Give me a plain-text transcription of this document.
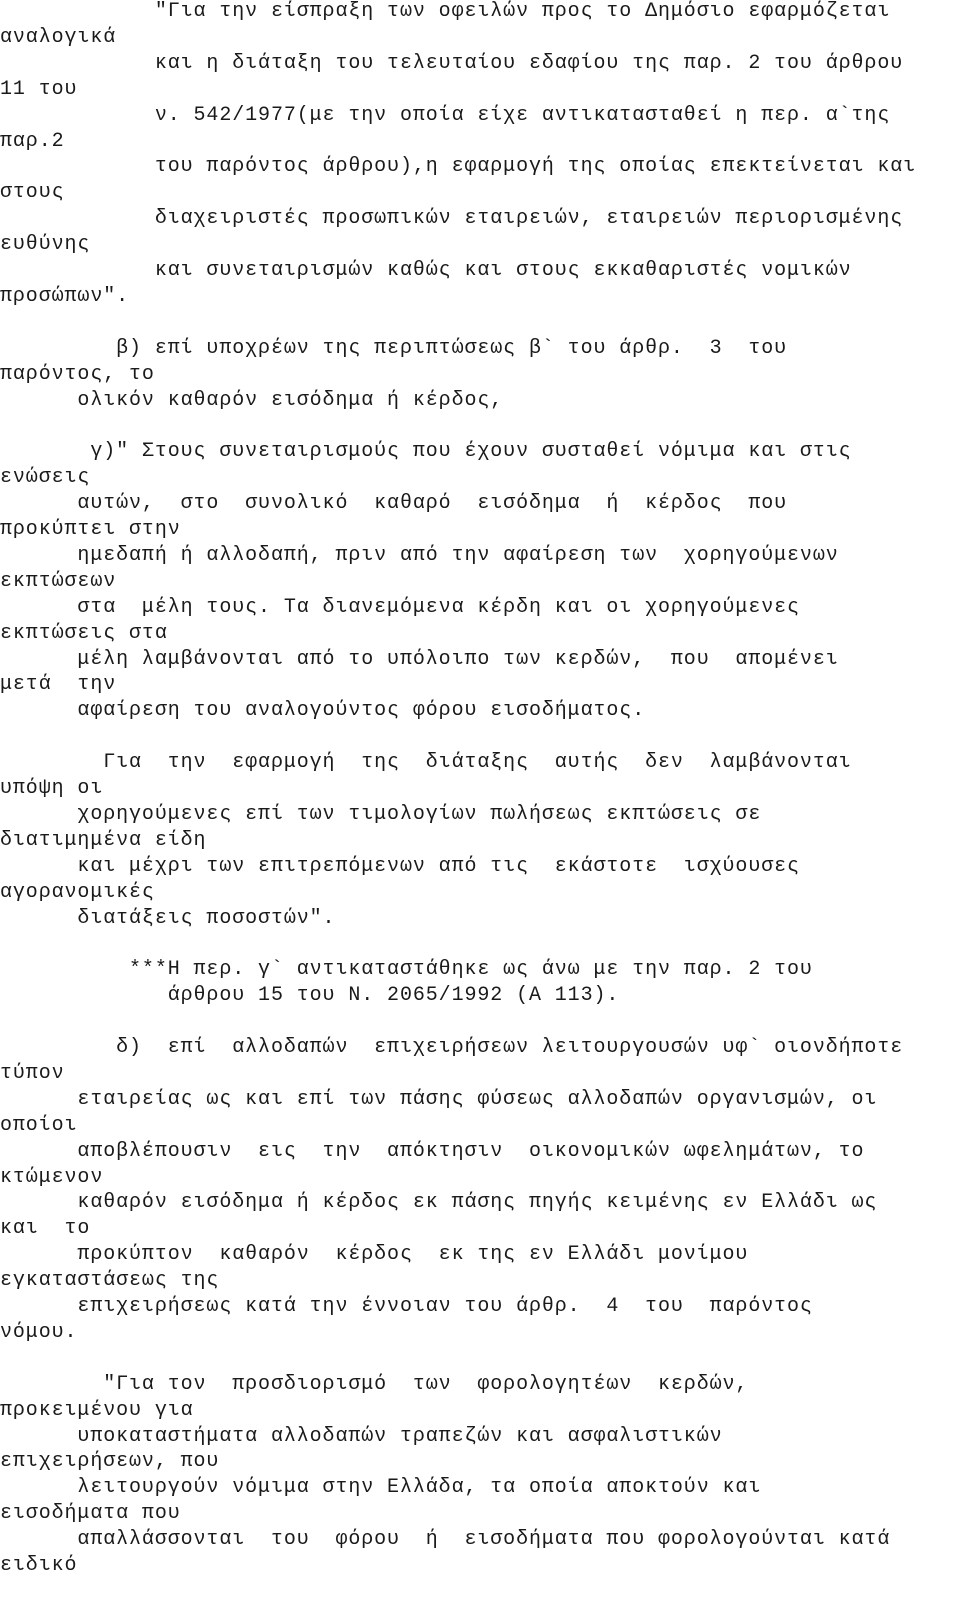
"Για την είσπραξη των οφειλών προς το Δημόσιο εφαρμόζεται
αναλογικά
και η διάταξη του τελευταίου εδαφίου της παρ. 2 του άρθρου
11 του
ν. 542/1977(με την οποία είχε αντικατασταθεί η περ. α`της
παρ.2
του παρόντος άρθρου),η εφαρμογή της οποίας επεκτείνεται και
στους
διαχειριστές προσωπικών εταιρειών, εταιρειών περιορισμένης
ευθύνης
και συνεταιρισμών καθώς και στους εκκαθαριστές νομικών
προσώπων".
β) επί υποχρέων της περιπτώσεως β` του άρθρ.  3  του
παρόντος, το
ολικόν καθαρόν εισόδημα ή κέρδος,
γ)" Στους συνεταιρισμούς που έχουν συσταθεί νόμιμα και στις
ενώσεις
αυτών,  στο  συνολικό  καθαρό  εισόδημα  ή  κέρδος  που
προκύπτει στην
ημεδαπή ή αλλοδαπή, πριν από την αφαίρεση των  χορηγούμενων
εκπτώσεων
στα  μέλη τους. Τα διανεμόμενα κέρδη και οι χορηγούμενες
εκπτώσεις στα
μέλη λαμβάνονται από το υπόλοιπο των κερδών,  που  απομένει
μετά  την
αφαίρεση του αναλογούντος φόρου εισοδήματος.
Για  την  εφαρμογή  της  διάταξης  αυτής  δεν  λαμβάνονται
υπόψη οι
χορηγούμενες επί των τιμολογίων πωλήσεως εκπτώσεις σε
διατιμημένα είδη
και μέχρι των επιτρεπόμενων από τις  εκάστοτε  ισχύουσες
αγορανομικές
διατάξεις ποσοστών".
***Η περ. γ` αντικαταστάθηκε ως άνω με την παρ. 2 του
άρθρου 15 του Ν. 2065/1992 (Α 113).
δ)  επί  αλλοδαπών  επιχειρήσεων λειτουργουσών υφ` οιονδήποτε
τύπον
εταιρείας ως και επί των πάσης φύσεως αλλοδαπών οργανισμών, οι
οποίοι
αποβλέπουσιν  εις  την  απόκτησιν  οικονομικών ωφελημάτων, το
κτώμενον
καθαρόν εισόδημα ή κέρδος εκ πάσης πηγής κειμένης εν Ελλάδι ως
και  το
προκύπτον  καθαρόν  κέρδος  εκ της εν Ελλάδι μονίμου
εγκαταστάσεως της
επιχειρήσεως κατά την έννοιαν του άρθρ.  4  του  παρόντος
νόμου.
"Για τον  προσδιορισμό  των  φορολογητέων  κερδών,
προκειμένου για
υποκαταστήματα αλλοδαπών τραπεζών και ασφαλιστικών
επιχειρήσεων, που
λειτουργούν νόμιμα στην Ελλάδα, τα οποία αποκτούν και
εισοδήματα που
απαλλάσσονται  του  φόρου  ή  εισοδήματα που φορολογούνται κατά
ειδικό
